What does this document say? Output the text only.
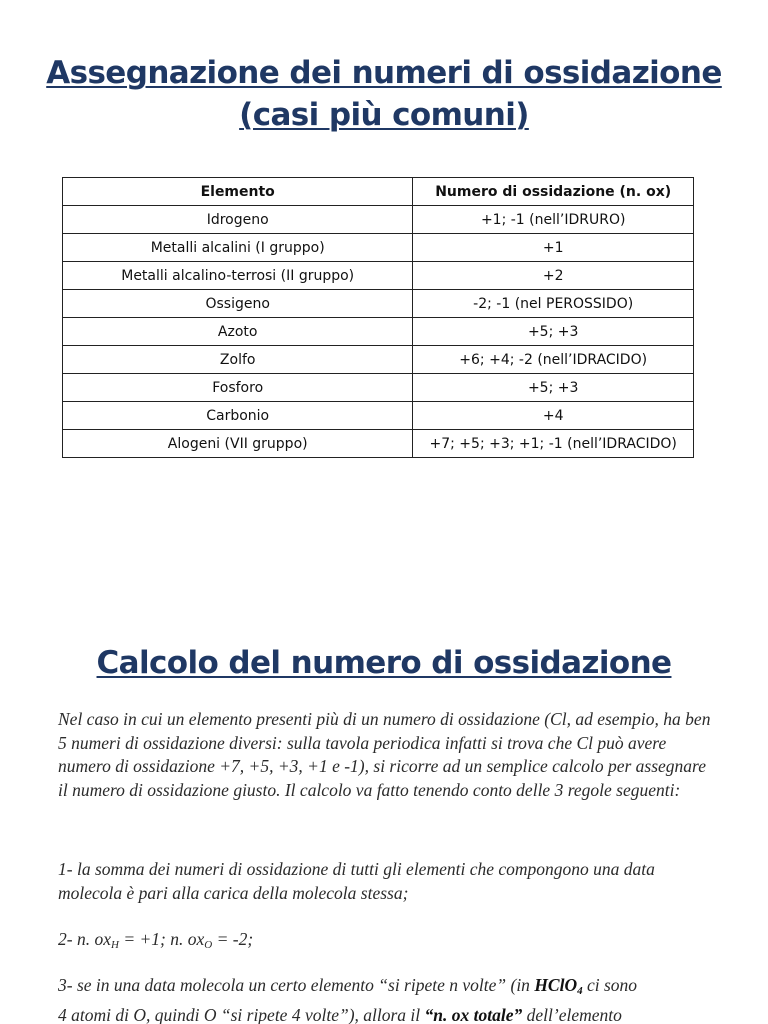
Assegnazione dei numeri di ossidazione
(casi più comuni)
Elemento	Numero di ossidazione (n. ox)
Idrogeno	+1; -1 (nell’IDRURO)
Metalli alcalini (I gruppo)	+1
Metalli alcalino-terrosi (II gruppo)	+2
Ossigeno	-2; -1 (nel PEROSSIDO)
Azoto	+5; +3
Zolfo	+6; +4; -2 (nell’IDRACIDO)
Fosforo	+5; +3
Carbonio	+4
Alogeni (VII gruppo)	+7; +5; +3; +1; -1 (nell’IDRACIDO)
Calcolo del numero di ossidazione

Nel caso in cui un elemento presenti più di un numero di ossidazione (Cl, ad esempio, ha ben 5 numeri di ossidazione diversi: sulla tavola periodica infatti si trova che Cl può avere numero di ossidazione +7, +5, +3, +1 e -1), si ricorre ad un semplice calcolo per assegnare il numero di ossidazione giusto. Il calcolo va fatto tenendo conto delle 3 regole seguenti:

1- la somma dei numeri di ossidazione di tutti gli elementi che compongono una data molecola è pari alla carica della molecola stessa;

2- n. $ox_H = +1$; n. $ox_O = -2$;

3- se in una data molecola un certo elemento “si ripete n volte” (in HClO$_4$ ci sono
4 atomi di O, quindi O “si ripete 4 volte”), allora il “n. ox totale” dell’elemento
